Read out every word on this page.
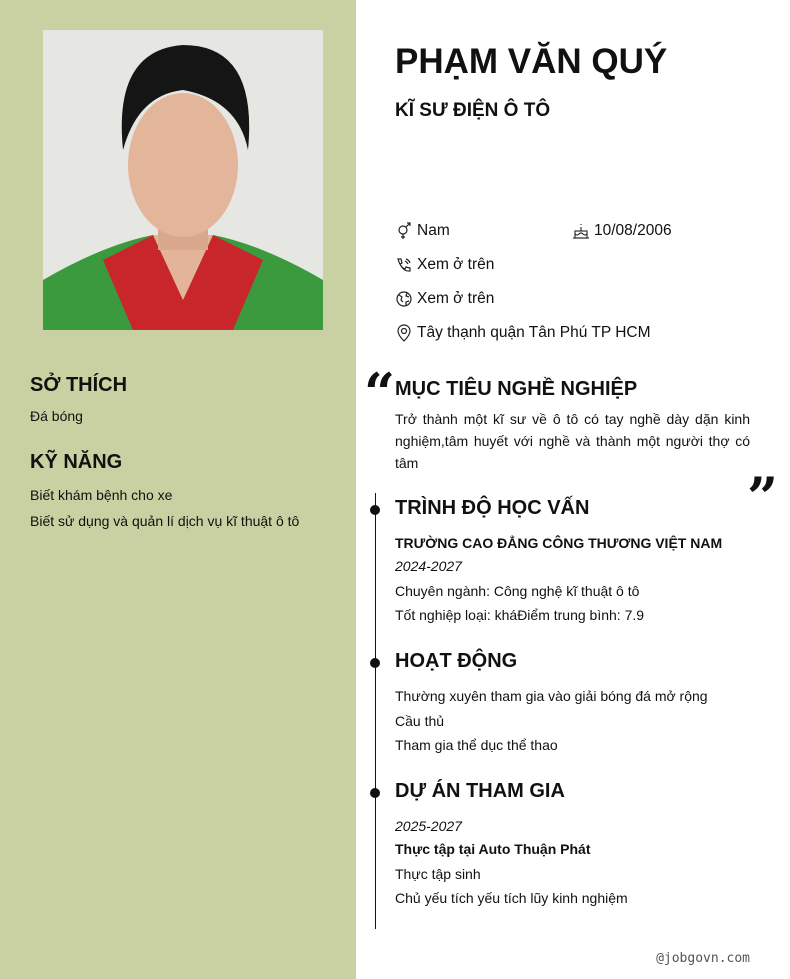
SỞ THÍCH
Đá bóng
KỸ NĂNG
Biết khám bệnh cho xe
Biết sử dụng và quản lí dịch vụ kĩ thuật ô tô
PHẠM VĂN QUÝ
KĨ SƯ ĐIỆN Ô TÔ
Nam	10/08/2006
Xem ở trên
Xem ở trên
Tây thạnh quận Tân Phú TP HCM
“
”
MỤC TIÊU NGHỀ NGHIỆP
Trở thành một kĩ sư về ô tô có tay nghề dày dặn kinh nghiệm,tâm huyết với nghề và thành một người thợ có tâm
TRÌNH ĐỘ HỌC VẤN
TRƯỜNG CAO ĐẲNG CÔNG THƯƠNG VIỆT NAM
2024-2027
Chuyên ngành: Công nghệ kĩ thuật ô tô
Tốt nghiệp loại: kháĐiểm trung bình: 7.9
HOẠT ĐỘNG
Thường xuyên tham gia vào giải bóng đá mở rộng
Cầu thủ
Tham gia thể dục thể thao
DỰ ÁN THAM GIA
2025-2027
Thực tập tại Auto Thuận Phát
Thực tập sinh
Chủ yếu tích yếu tích lũy kinh nghiệm
@jobgovn.com
